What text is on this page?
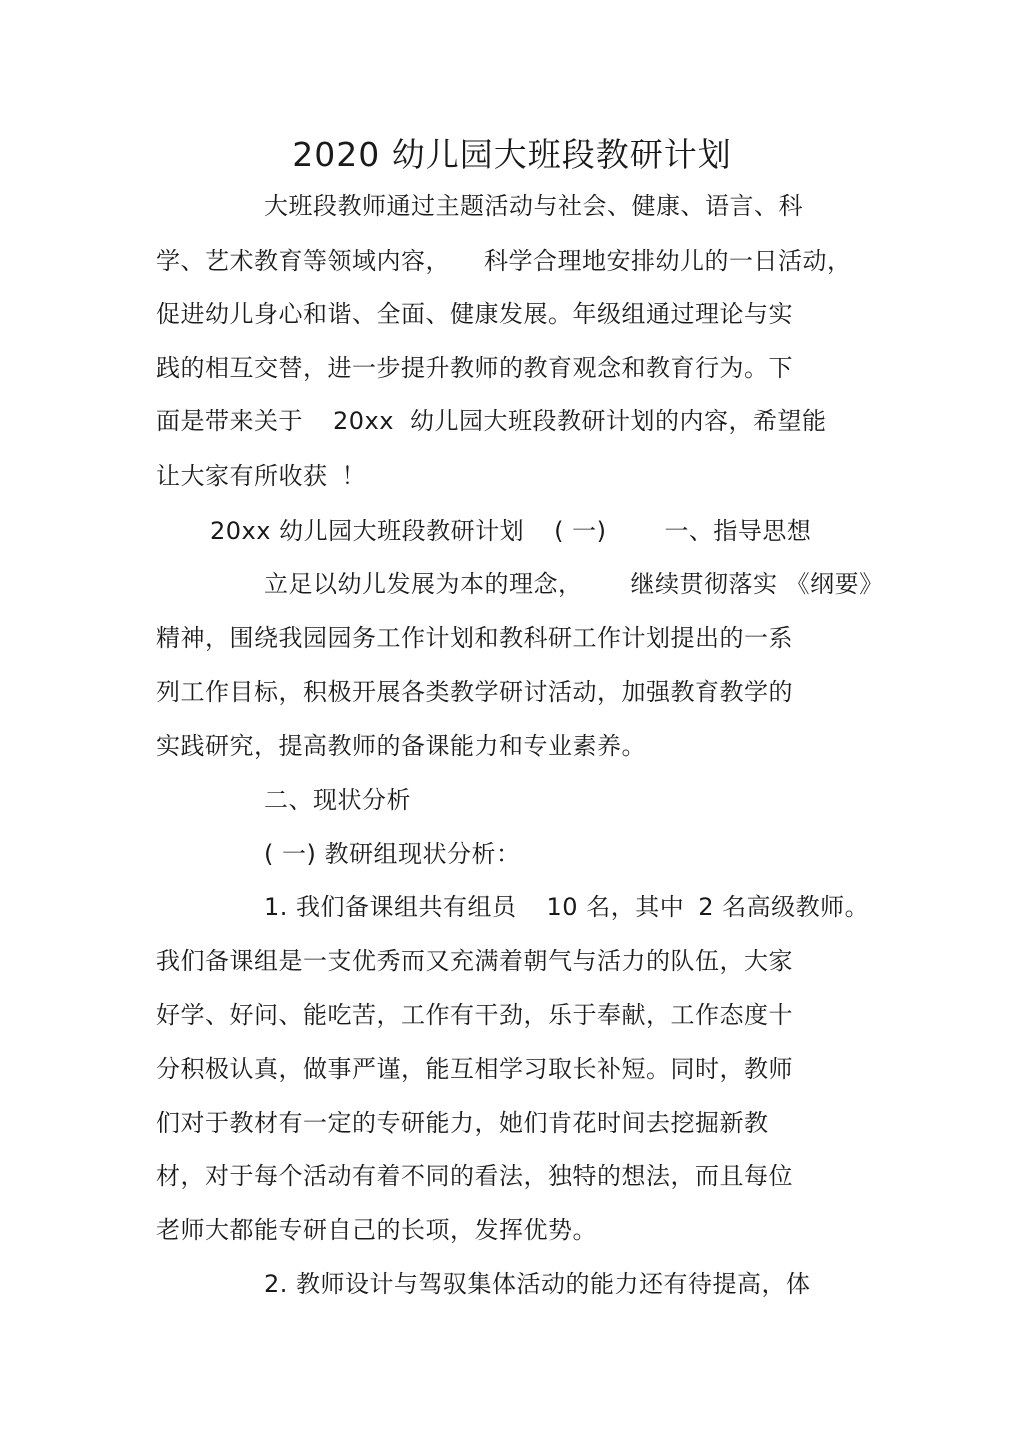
2020 幼儿园大班段教研计划
大班段教师通过主题活动与社会、健康、语言、科
学、艺术教育等领域内容， 科学合理地安排幼儿的一日活动，
促进幼儿身心和谐、全面、健康发展。年级组通过理论与实
践的相互交替，进一步提升教师的教育观念和教育行为。下
面是带来关于 20xx 幼儿园大班段教研计划的内容，希望能
让大家有所收获 ！
20xx 幼儿园大班段教研计划 ( 一) 一、指导思想
立足以幼儿发展为本的理念， 继续贯彻落实 《纲要》
精神，围绕我园园务工作计划和教科研工作计划提出的一系
列工作目标，积极开展各类教学研讨活动，加强教育教学的
实践研究，提高教师的备课能力和专业素养。
二、现状分析
( 一) 教研组现状分析：
1. 我们备课组共有组员 10 名，其中 2 名高级教师。
我们备课组是一支优秀而又充满着朝气与活力的队伍，大家
好学、好问、能吃苦，工作有干劲，乐于奉献，工作态度十
分积极认真，做事严谨，能互相学习取长补短。同时，教师
们对于教材有一定的专研能力，她们肯花时间去挖掘新教
材，对于每个活动有着不同的看法，独特的想法，而且每位
老师大都能专研自己的长项，发挥优势。
2. 教师设计与驾驭集体活动的能力还有待提高，体
